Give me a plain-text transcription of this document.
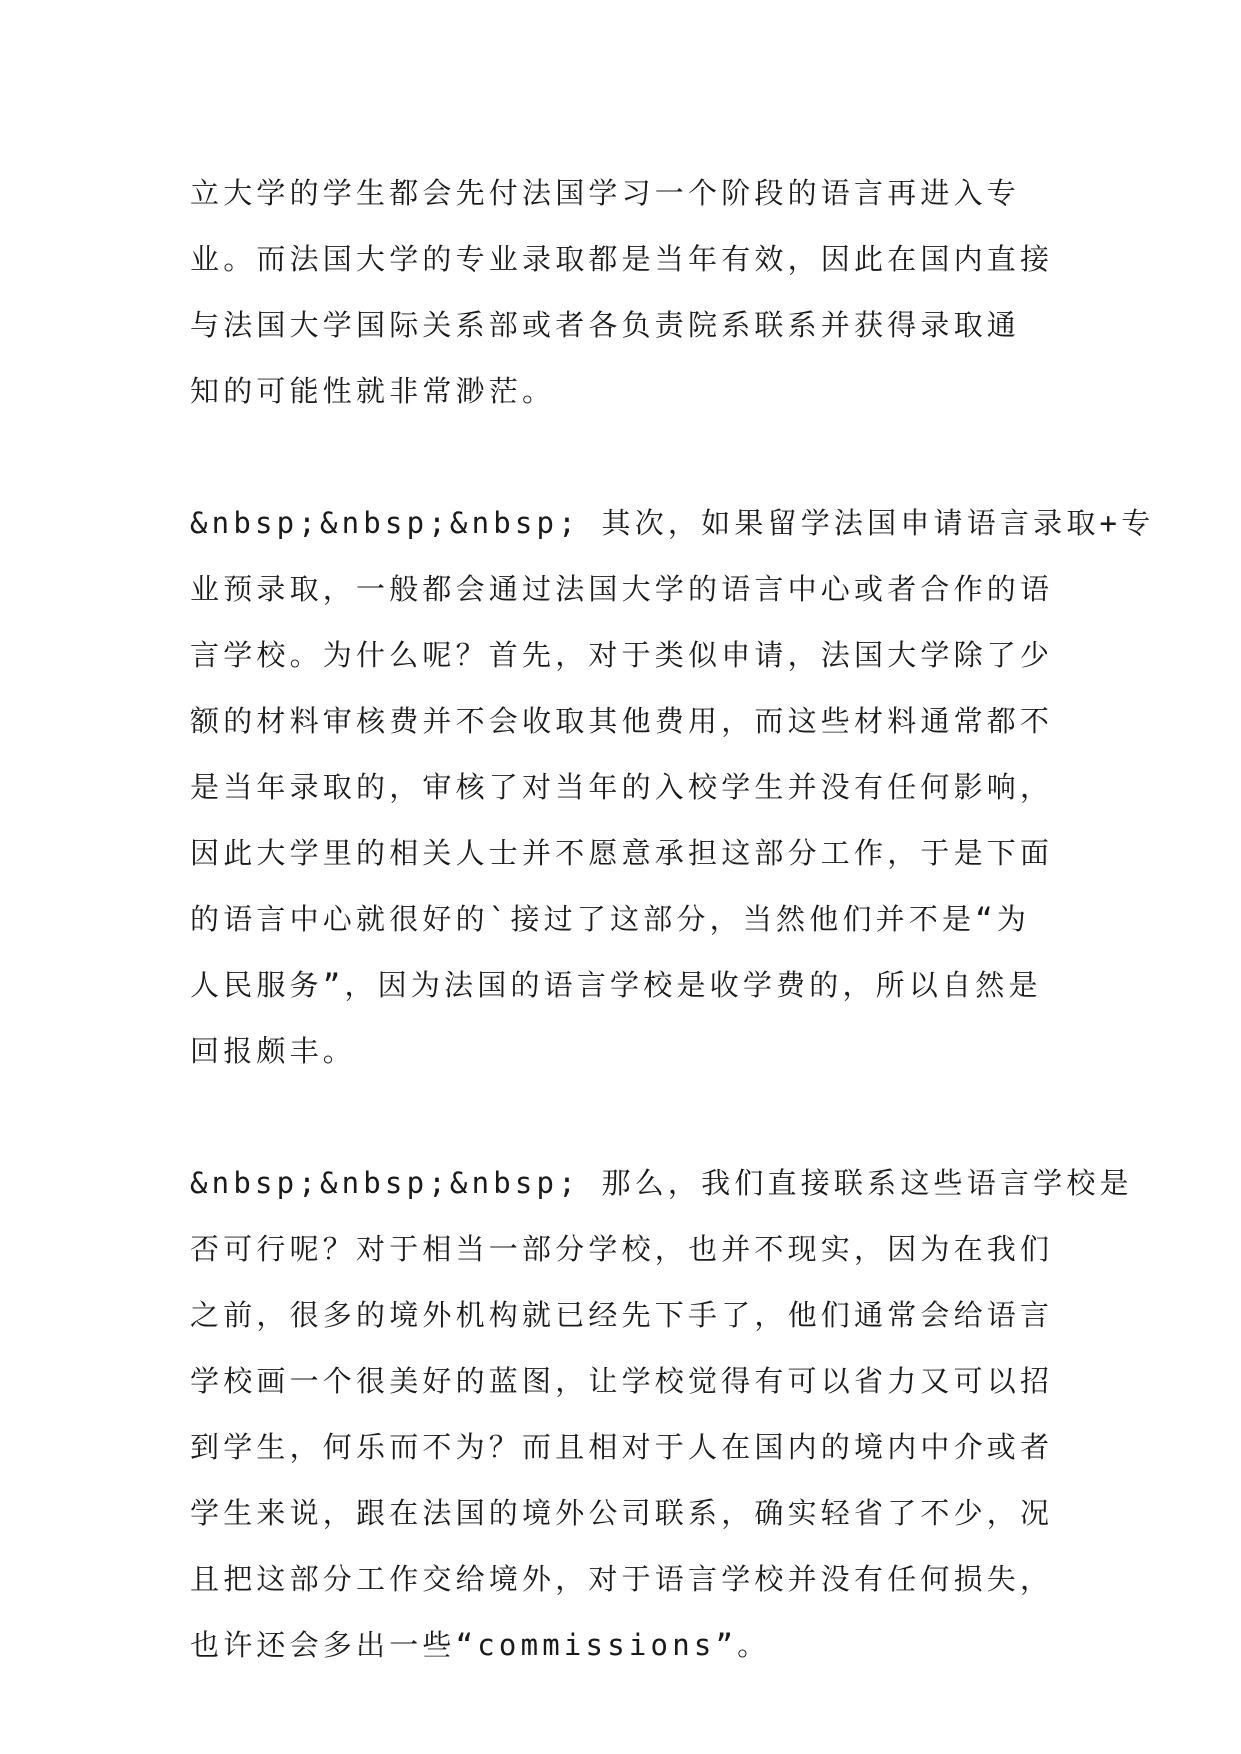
立大学的学生都会先付法国学习一个阶段的语言再进入专
业。而法国大学的专业录取都是当年有效，因此在国内直接
与法国大学国际关系部或者各负责院系联系并获得录取通
知的可能性就非常渺茫。
&nbsp;&nbsp;&nbsp; 其次，如果留学法国申请语言录取+专
业预录取，一般都会通过法国大学的语言中心或者合作的语
言学校。为什么呢？首先，对于类似申请，法国大学除了少
额的材料审核费并不会收取其他费用，而这些材料通常都不
是当年录取的，审核了对当年的入校学生并没有任何影响，
因此大学里的相关人士并不愿意承担这部分工作，于是下面
的语言中心就很好的`接过了这部分，当然他们并不是“为
人民服务”，因为法国的语言学校是收学费的，所以自然是
回报颇丰。
&nbsp;&nbsp;&nbsp; 那么，我们直接联系这些语言学校是
否可行呢？对于相当一部分学校，也并不现实，因为在我们
之前，很多的境外机构就已经先下手了，他们通常会给语言
学校画一个很美好的蓝图，让学校觉得有可以省力又可以招
到学生，何乐而不为？而且相对于人在国内的境内中介或者
学生来说，跟在法国的境外公司联系，确实轻省了不少，况
且把这部分工作交给境外，对于语言学校并没有任何损失，
也许还会多出一些“commissions”。
